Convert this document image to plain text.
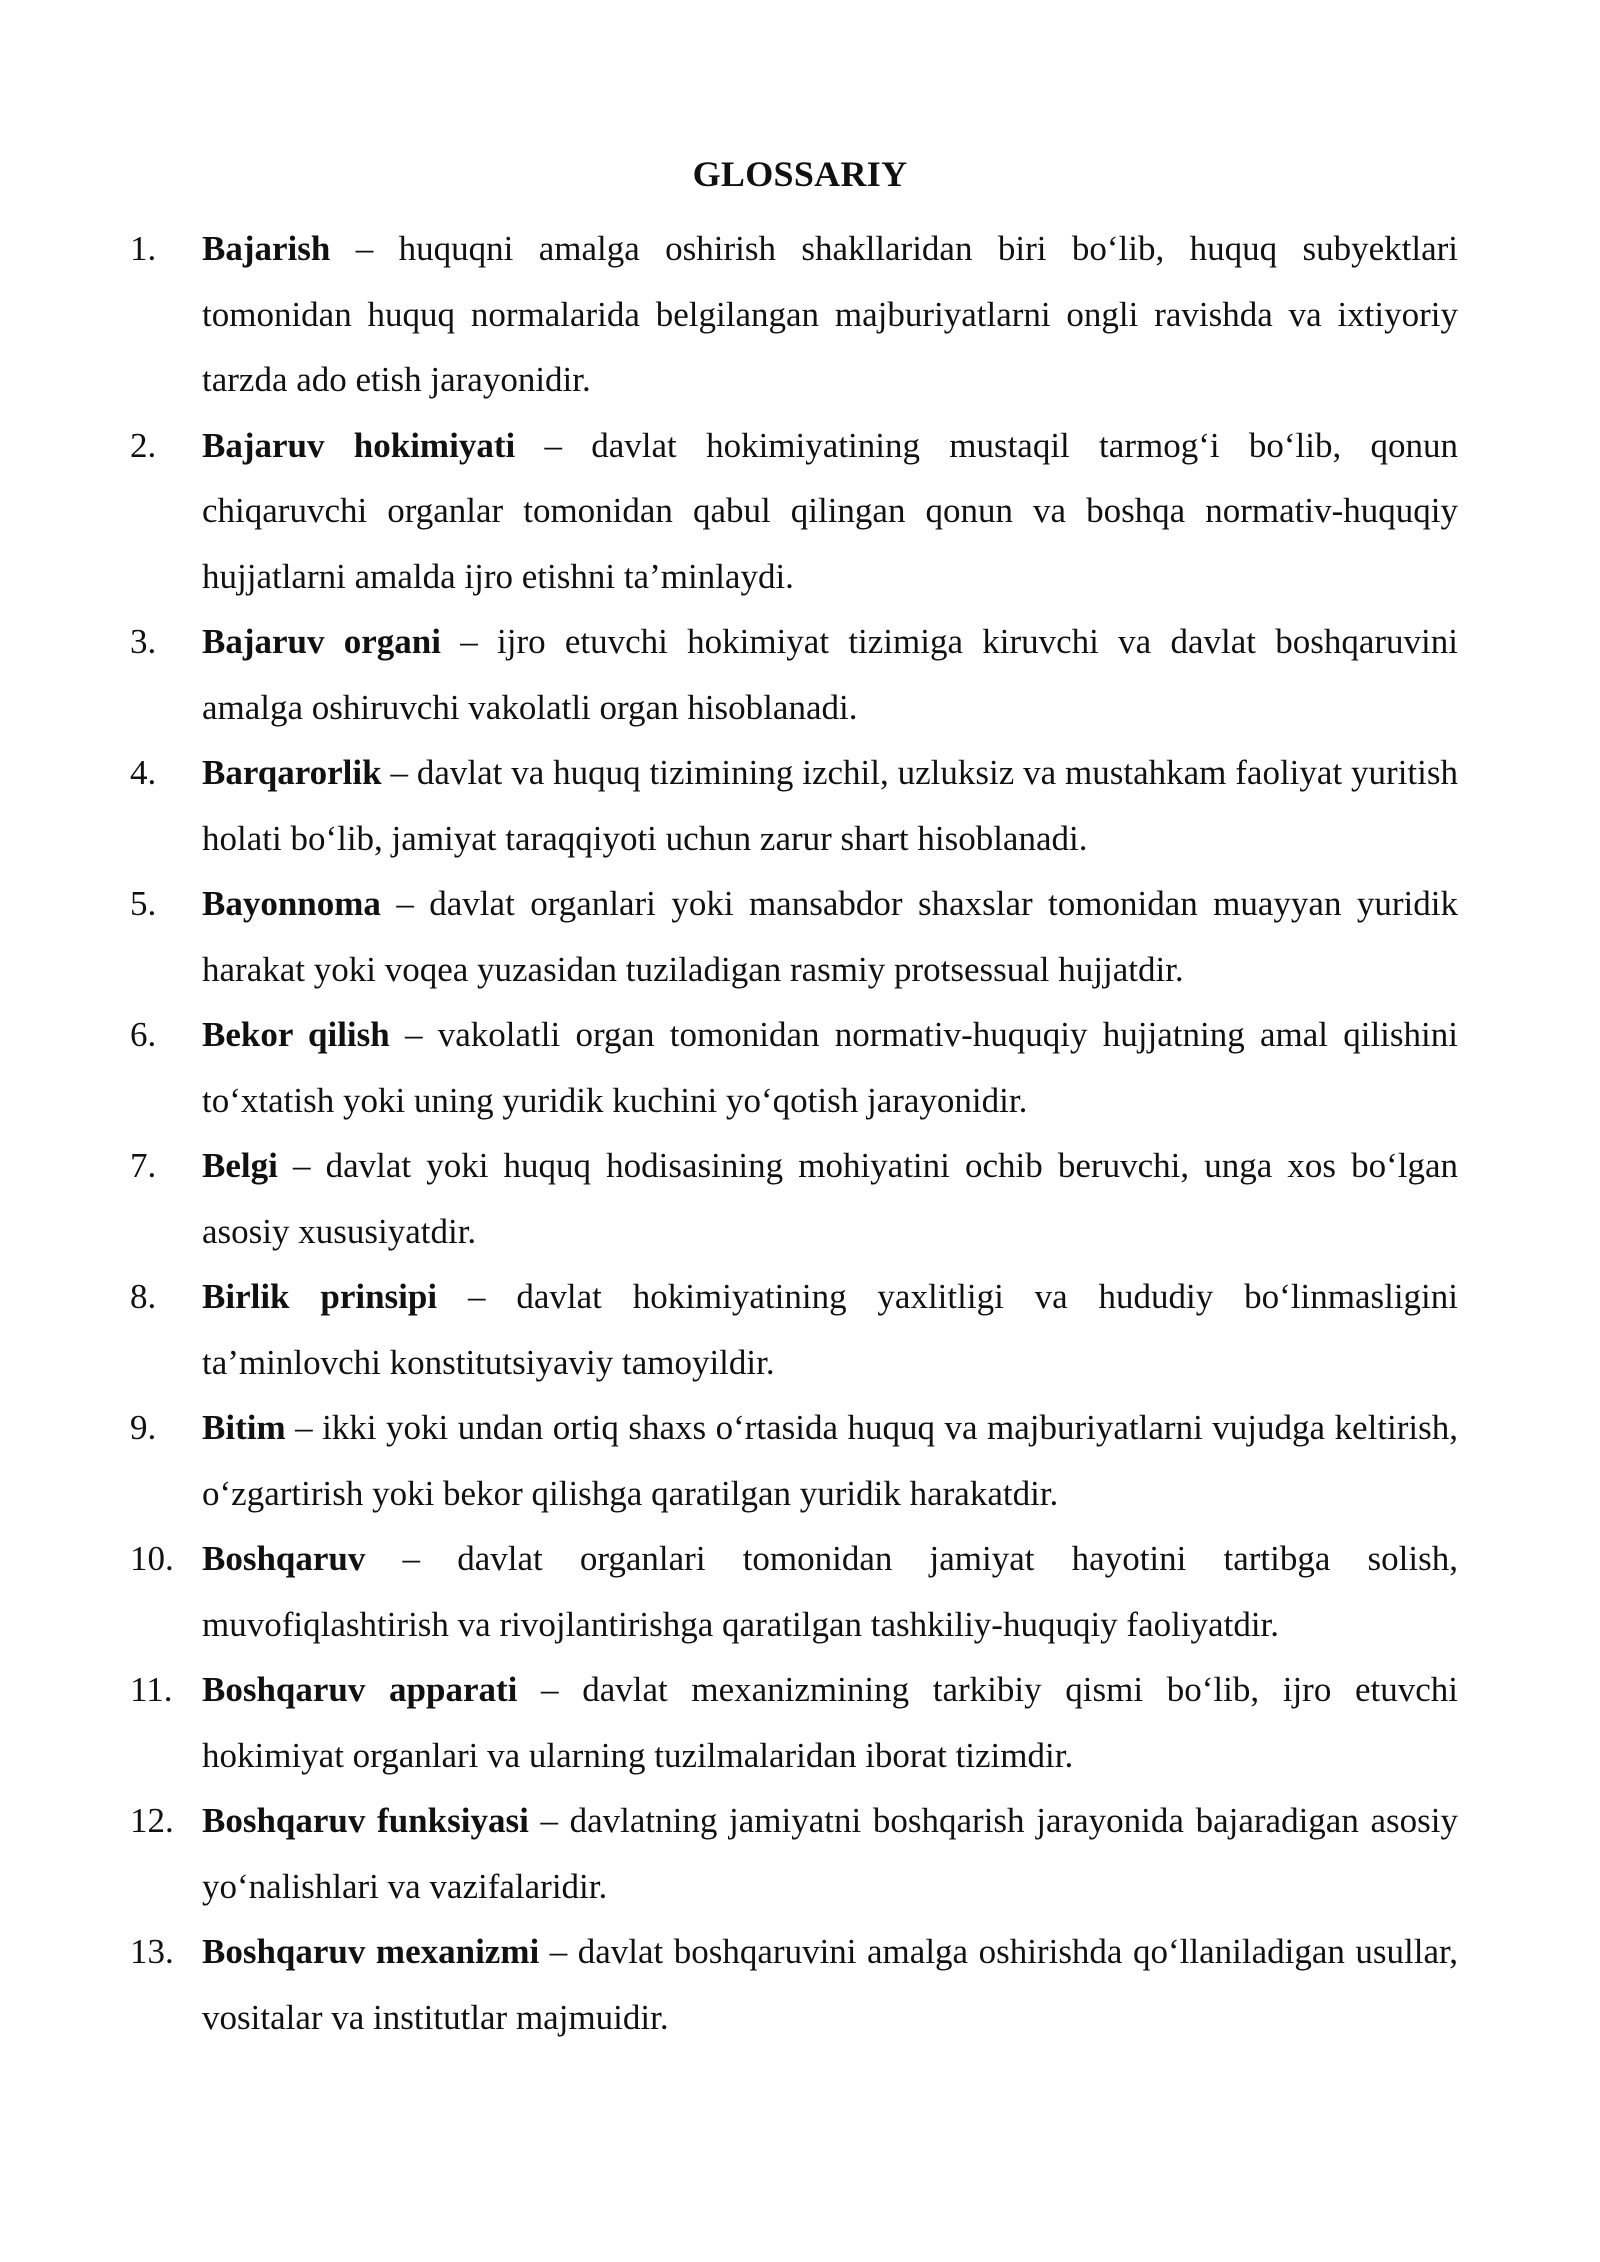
GLOSSARIY
1.	Bajarish – huquqni amalga oshirish shakllaridan biri bo‘lib, huquq subyektlari tomonidan huquq normalarida belgilangan majburiyatlarni ongli ravishda va ixtiyoriy tarzda ado etish jarayonidir.
2.	Bajaruv hokimiyati – davlat hokimiyatining mustaqil tarmog‘i bo‘lib, qonun chiqaruvchi organlar tomonidan qabul qilingan qonun va boshqa normativ-huquqiy hujjatlarni amalda ijro etishni ta’minlaydi.
3.	Bajaruv organi – ijro etuvchi hokimiyat tizimiga kiruvchi va davlat boshqaruvini amalga oshiruvchi vakolatli organ hisoblanadi.
4.	Barqarorlik – davlat va huquq tizimining izchil, uzluksiz va mustahkam faoliyat yuritish holati bo‘lib, jamiyat taraqqiyoti uchun zarur shart hisoblanadi.
5.	Bayonnoma – davlat organlari yoki mansabdor shaxslar tomonidan muayyan yuridik harakat yoki voqea yuzasidan tuziladigan rasmiy protsessual hujjatdir.
6.	Bekor qilish – vakolatli organ tomonidan normativ-huquqiy hujjatning amal qilishini to‘xtatish yoki uning yuridik kuchini yo‘qotish jarayonidir.
7.	Belgi – davlat yoki huquq hodisasining mohiyatini ochib beruvchi, unga xos bo‘lgan asosiy xususiyatdir.
8.	Birlik prinsipi – davlat hokimiyatining yaxlitligi va hududiy bo‘linmasligini ta’minlovchi konstitutsiyaviy tamoyildir.
9.	Bitim – ikki yoki undan ortiq shaxs o‘rtasida huquq va majburiyatlarni vujudga keltirish, o‘zgartirish yoki bekor qilishga qaratilgan yuridik harakatdir.
10. Boshqaruv – davlat organlari tomonidan jamiyat hayotini tartibga solish, muvofiqlashtirish va rivojlantirishga qaratilgan tashkiliy-huquqiy faoliyatdir.
11. Boshqaruv apparati – davlat mexanizmining tarkibiy qismi bo‘lib, ijro etuvchi hokimiyat organlari va ularning tuzilmalaridan iborat tizimdir.
12. Boshqaruv funksiyasi – davlatning jamiyatni boshqarish jarayonida bajaradigan asosiy yo‘nalishlari va vazifalaridir.
13. Boshqaruv mexanizmi – davlat boshqaruvini amalga oshirishda qo‘llaniladigan usullar, vositalar va institutlar majmuidir.
